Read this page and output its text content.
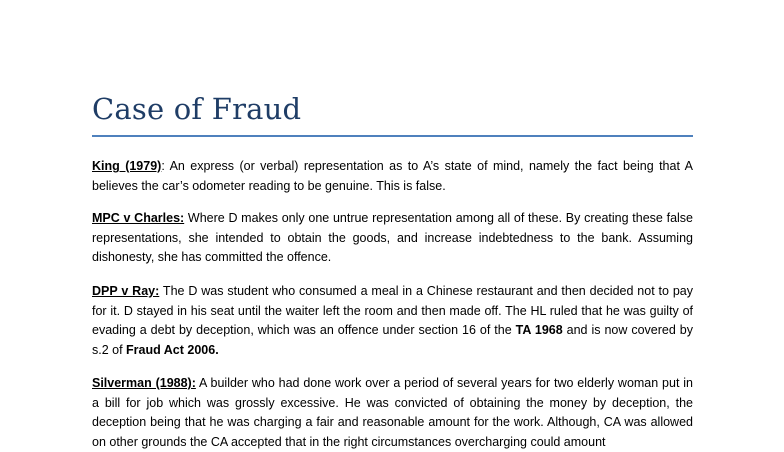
Case of Fraud

King (1979): An express (or verbal) representation as to A’s state of mind, namely the fact being that A believes the car’s odometer reading to be genuine. This is false.

MPC v Charles: Where D makes only one untrue representation among all of these. By creating these false representations, she intended to obtain the goods, and increase indebtedness to the bank. Assuming dishonesty, she has committed the offence.

DPP v Ray: The D was student who consumed a meal in a Chinese restaurant and then decided not to pay for it. D stayed in his seat until the waiter left the room and then made off. The HL ruled that he was guilty of evading a debt by deception, which was an offence under section 16 of the TA 1968 and is now covered by s.2 of Fraud Act 2006.

Silverman (1988): A builder who had done work over a period of several years for two elderly woman put in a bill for job which was grossly excessive. He was convicted of obtaining the money by deception, the deception being that he was charging a fair and reasonable amount for the work. Although, CA was allowed on other grounds the CA accepted that in the right circumstances overcharging could amount
